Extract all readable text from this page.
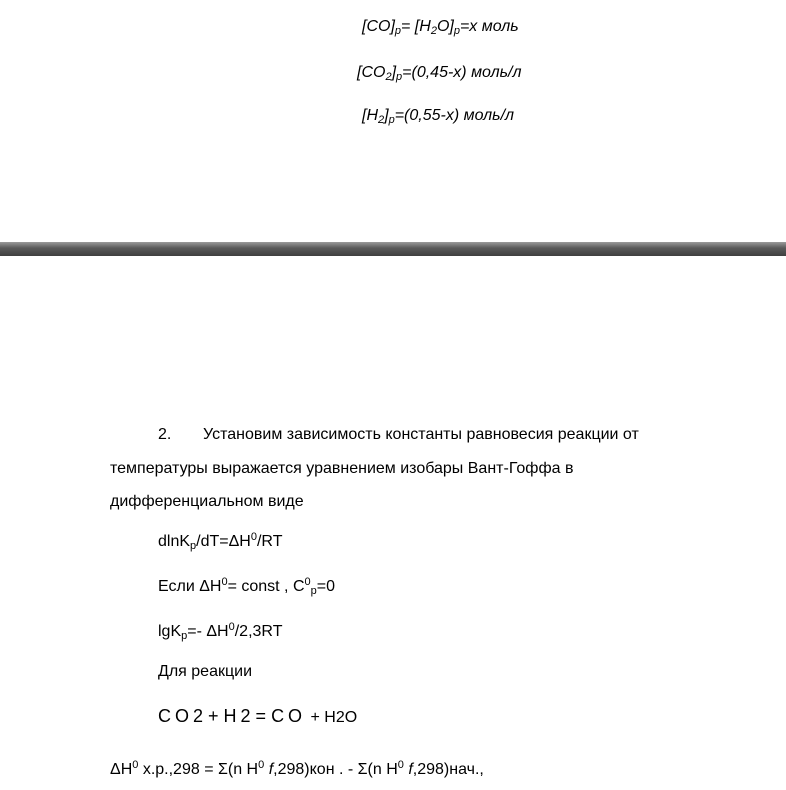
[CO]p= [H2O]p=x моль
[CO2]p=(0,45-x) моль/л
[H2]p=(0,55-x) моль/л
2. Установим зависимость константы равновесия реакции от
температуры выражается уравнением изобары Вант-Гоффа в
дифференциальном виде
dlnKp/$dT=\Delta H^0/RT$
Если $\Delta H^0=$ const , $C^0p=0$
lgKp=- $\Delta H^0/2,3RT$
Для реакции
CO2 + H 2 = CO + H2O
$\Delta H^0$ х.р.,298 = Σ(n $H^0$ f,298)кон . - Σ(n $H^0$ f,298)нач.,
